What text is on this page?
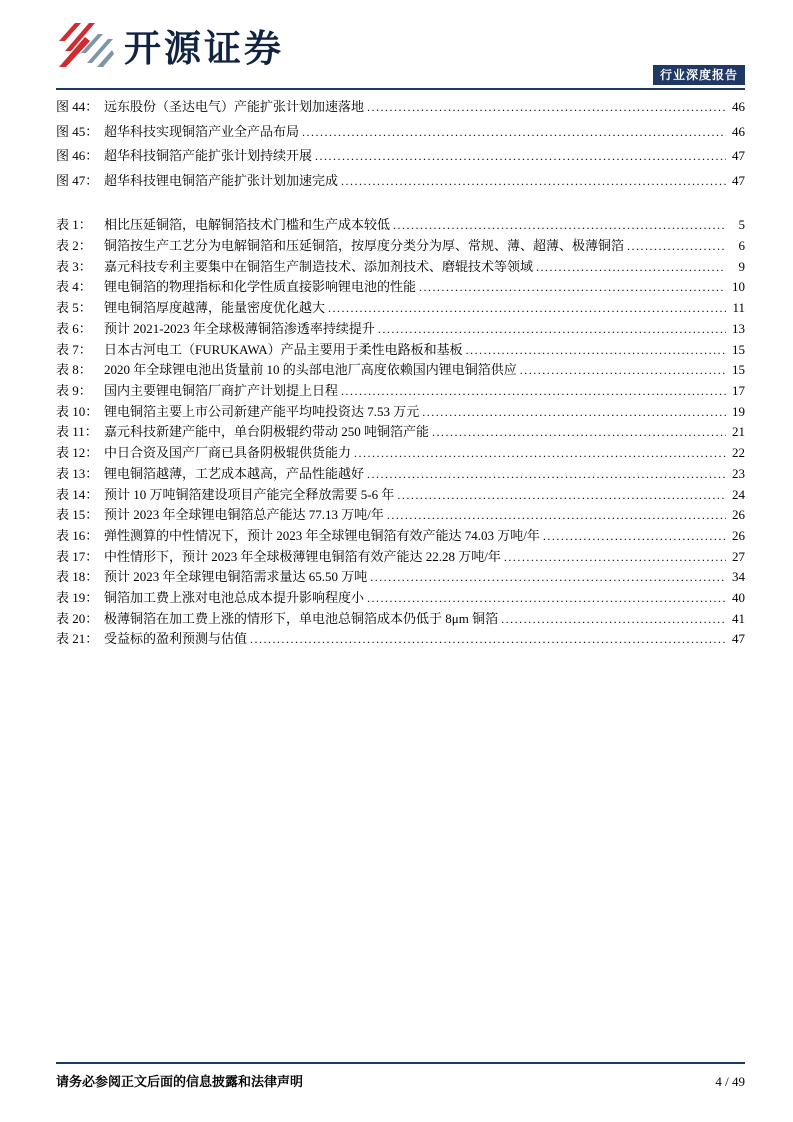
开源证券
行业深度报告
图 44： 远东股份（圣达电气）产能扩张计划加速落地 .....	46
图 45： 超华科技实现铜箔产业全产品布局 .....	46
图 46： 超华科技铜箔产能扩张计划持续开展 .....	47
图 47： 超华科技锂电铜箔产能扩张计划加速完成 .....	47
表 1： 相比压延铜箔，电解铜箔技术门槛和生产成本较低 .....	5
表 2： 铜箔按生产工艺分为电解铜箔和压延铜箔，按厚度分类分为厚、常规、薄、超薄、极薄铜箔 .....	6
表 3： 嘉元科技专利主要集中在铜箔生产制造技术、添加剂技术、磨辊技术等领域 .....	9
表 4： 锂电铜箔的物理指标和化学性质直接影响锂电池的性能 .....	10
表 5： 锂电铜箔厚度越薄，能量密度优化越大 .....	11
表 6： 预计 2021-2023 年全球极薄铜箔渗透率持续提升 .....	13
表 7： 日本古河电工（FURUKAWA）产品主要用于柔性电路板和基板 .....	15
表 8： 2020 年全球锂电池出货量前 10 的头部电池厂高度依赖国内锂电铜箔供应 .....	15
表 9： 国内主要锂电铜箔厂商扩产计划提上日程 .....	17
表 10： 锂电铜箔主要上市公司新建产能平均吨投资达 7.53 万元 .....	19
表 11： 嘉元科技新建产能中，单台阴极辊约带动 250 吨铜箔产能 .....	21
表 12： 中日合资及国产厂商已具备阴极辊供货能力 .....	22
表 13： 锂电铜箔越薄，工艺成本越高，产品性能越好 .....	23
表 14： 预计 10 万吨铜箔建设项目产能完全释放需要 5-6 年 .....	24
表 15： 预计 2023 年全球锂电铜箔总产能达 77.13 万吨/年 .....	26
表 16： 弹性测算的中性情况下，预计 2023 年全球锂电铜箔有效产能达 74.03 万吨/年 .....	26
表 17： 中性情形下，预计 2023 年全球极薄锂电铜箔有效产能达 22.28 万吨/年 .....	27
表 18： 预计 2023 年全球锂电铜箔需求量达 65.50 万吨 .....	34
表 19： 铜箔加工费上涨对电池总成本提升影响程度小 .....	40
表 20： 极薄铜箔在加工费上涨的情形下，单电池总铜箔成本仍低于 8μm 铜箔 .....	41
表 21： 受益标的盈利预测与估值 .....	47
请务必参阅正文后面的信息披露和法律声明	4 / 49
